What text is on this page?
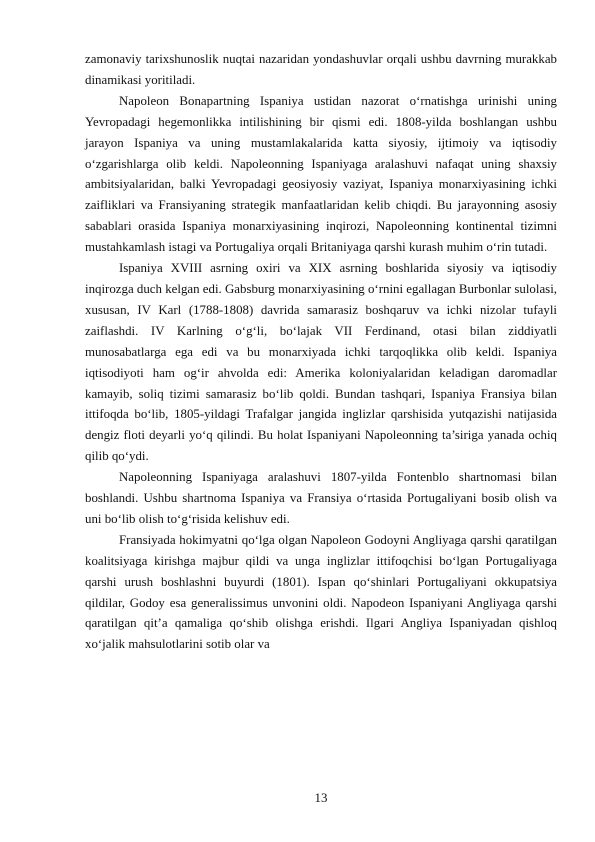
zamonaviy tarixshunoslik nuqtai nazaridan yondashuvlar orqali ushbu davrning murakkab dinamikasi yoritiladi.

Napoleon Bonapartning Ispaniya ustidan nazorat o‘rnatishga urinishi uning Yevropadagi hegemonlikka intilishining bir qismi edi. 1808-yilda boshlangan ushbu jarayon Ispaniya va uning mustamlakalarida katta siyosiy, ijtimoiy va iqtisodiy o‘zgarishlarga olib keldi. Napoleonning Ispaniyaga aralashuvi nafaqat uning shaxsiy ambitsiyalaridan, balki Yevropadagi geosiyosiy vaziyat, Ispaniya monarxiyasining ichki zaifliklari va Fransiyaning strategik manfaatlaridan kelib chiqdi. Bu jarayonning asosiy sabablari orasida Ispaniya monarxiyasining inqirozi, Napoleonning kontinental tizimni mustahkamlash istagi va Portugaliya orqali Britaniyaga qarshi kurash muhim o‘rin tutadi.

Ispaniya XVIII asrning oxiri va XIX asrning boshlarida siyosiy va iqtisodiy inqirozga duch kelgan edi. Gabsburg monarxiyasining o‘rnini egallagan Burbonlar sulolasi, xususan, IV Karl (1788-1808) davrida samarasiz boshqaruv va ichki nizolar tufayli zaiflashdi. IV Karlning o‘g‘li, bo‘lajak VII Ferdinand, otasi bilan ziddiyatli munosabatlarga ega edi va bu monarxiyada ichki tarqoqlikka olib keldi. Ispaniya iqtisodiyoti ham og‘ir ahvolda edi: Amerika koloniyalaridan keladigan daromadlar kamayib, soliq tizimi samarasiz bo‘lib qoldi. Bundan tashqari, Ispaniya Fransiya bilan ittifoqda bo‘lib, 1805-yildagi Trafalgar jangida inglizlar qarshisida yutqazishi natijasida dengiz floti deyarli yo‘q qilindi. Bu holat Ispaniyani Napoleonning ta’siriga yanada ochiq qilib qo‘ydi.

Napoleonning Ispaniyaga aralashuvi 1807-yilda Fontenblo shartnomasi bilan boshlandi. Ushbu shartnoma Ispaniya va Fransiya o‘rtasida Portugaliyani bosib olish va uni bo‘lib olish to‘g‘risida kelishuv edi.

Fransiyada hokimyatni qo‘lga olgan Napoleon Godoyni Angliyaga qarshi qaratilgan koalitsiyaga kirishga majbur qildi va unga inglizlar ittifoqchisi bo‘lgan Portugaliyaga qarshi urush boshlashni buyurdi (1801). Ispan qo‘shinlari Portugaliyani okkupatsiya qildilar, Godoy esa generalissimus unvonini oldi. Napodeon Ispaniyani Angliyaga qarshi qaratilgan qit’a qamaliga qo‘shib olishga erishdi. Ilgari Angliya Ispaniyadan qishloq xo‘jalik mahsulotlarini sotib olar va

13
